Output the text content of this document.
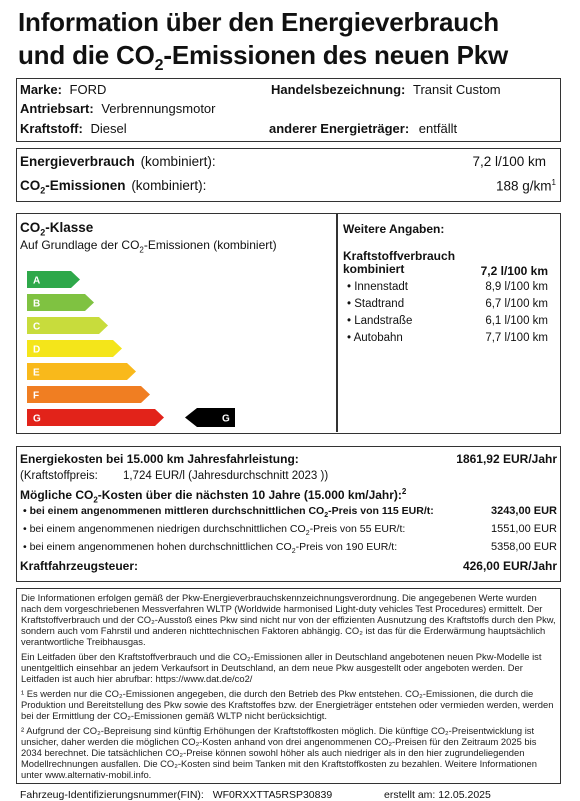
Information über den Energieverbrauch
und die $CO_2$-Emissionen des neuen Pkw
Marke: FORD	Handelsbezeichnung: Transit Custom
Antriebsart: Verbrennungsmotor
Kraftstoff: Diesel	anderer Energieträger: entfällt
Energieverbrauch (kombiniert):	7,2 l/100 km
$CO_2$-Emissionen (kombiniert):	188 $g/km^1$
$CO_2$-Klasse
Auf Grundlage der $CO_2$-Emissionen (kombiniert)
A
B
C
D
E
F
G	G
Weitere Angaben:
Kraftstoffverbrauch
kombiniert	7,2 l/100 km
• Innenstadt	8,9 l/100 km
• Stadtrand	6,7 l/100 km
• Landstraße	6,1 l/100 km
• Autobahn	7,7 l/100 km
Energiekosten bei 15.000 km Jahresfahrleistung:	1861,92 EUR/Jahr
(Kraftstoffpreis: 1,724 EUR/l (Jahresdurchschnitt 2023 ))
Mögliche $CO_2$-Kosten über die nächsten 10 Jahre (15.000 km/Jahr):$^2$
• bei einem angenommenen mittleren durchschnittlichen $CO_2$-Preis von 115 EUR/t:	3243,00 EUR
• bei einem angenommenen niedrigen durchschnittlichen $CO_2$-Preis von 55 EUR/t:	1551,00 EUR
• bei einem angenommenen hohen durchschnittlichen $CO_2$-Preis von 190 EUR/t:	5358,00 EUR
Kraftfahrzeugsteuer:	426,00 EUR/Jahr

Die Informationen erfolgen gemäß der Pkw-Energieverbrauchskennzeichnungsverordnung. Die angegebenen Werte wurden nach dem vorgeschriebenen Messverfahren WLTP (Worldwide harmonised Light-duty vehicles Test Procedures) ermittelt. Der Kraftstoffverbrauch und der CO₂-Ausstoß eines Pkw sind nicht nur von der effizienten Ausnutzung des Kraftstoffs durch den Pkw, sondern auch vom Fahrstil und anderen nichttechnischen Faktoren abhängig. CO₂ ist das für die Erderwärmung hauptsächlich verantwortliche Treibhausgas.

Ein Leitfaden über den Kraftstoffverbrauch und die CO₂-Emissionen aller in Deutschland angebotenen neuen Pkw-Modelle ist unentgeltlich einsehbar an jedem Verkaufsort in Deutschland, an dem neue Pkw ausgestellt oder angeboten werden. Der Leitfaden ist auch hier abrufbar: https://www.dat.de/co2/

¹ Es werden nur die CO₂-Emissionen angegeben, die durch den Betrieb des Pkw entstehen. CO₂-Emissionen, die durch die Produktion und Bereitstellung des Pkw sowie des Kraftstoffes bzw. der Energieträger entstehen oder vermieden werden, werden bei der Ermittlung der CO₂-Emissionen gemäß WLTP nicht berücksichtigt.

² Aufgrund der CO₂-Bepreisung sind künftig Erhöhungen der Kraftstoffkosten möglich. Die künftige CO₂-Preisentwicklung ist unsicher, daher werden die möglichen CO₂-Kosten anhand von drei angenommenen CO₂-Preisen für den Zeitraum 2025 bis 2034 berechnet. Die tatsächlichen CO₂-Preise können sowohl höher als auch niedriger als in den hier zugrundeliegenden Modellrechnungen ausfallen. Die CO₂-Kosten sind beim Tanken mit den Kraftstoffkosten zu bezahlen. Weitere Informationen unter www.alternativ-mobil.info.

Fahrzeug-Identifizierungsnummer(FIN): WF0RXXTTA5RSP30839	erstellt am: 12.05.2025
